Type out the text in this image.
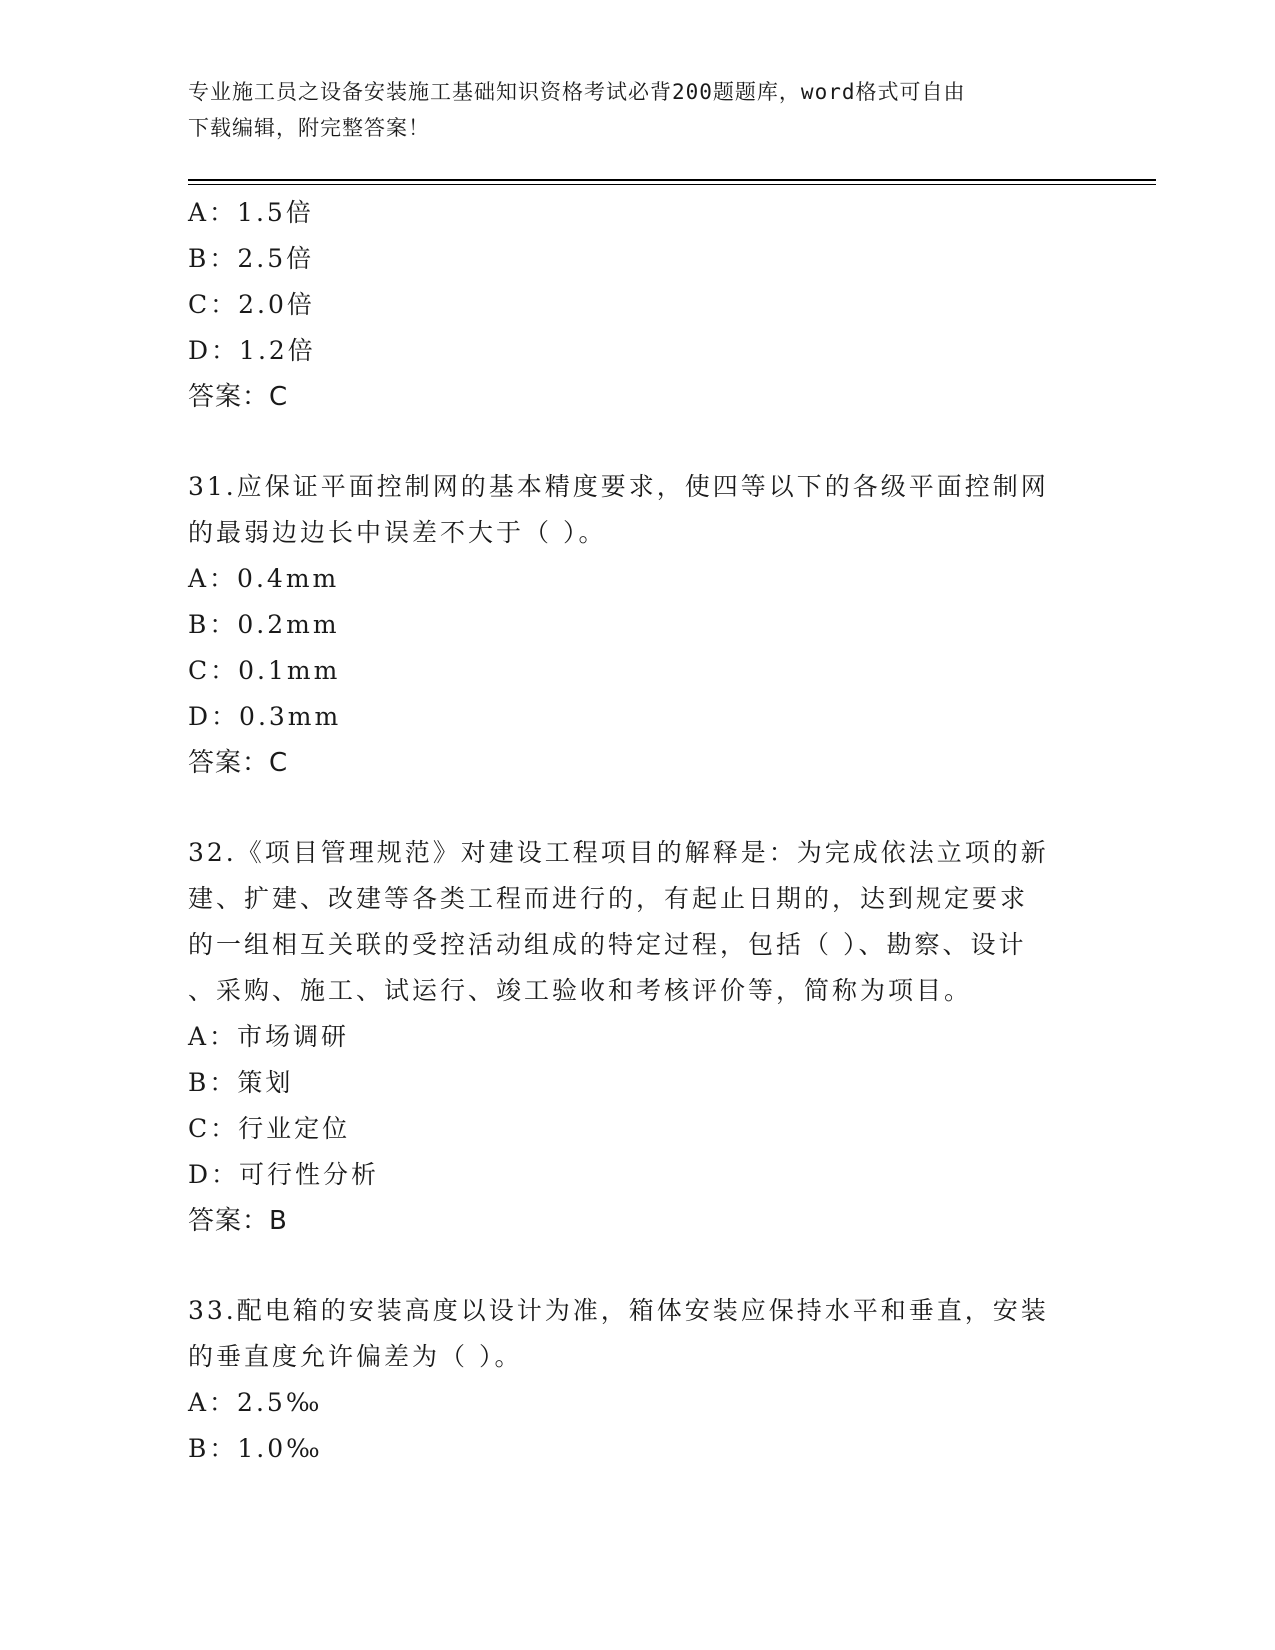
专业施工员之设备安装施工基础知识资格考试必背200题题库，word格式可自由
下载编辑，附完整答案！
A：1.5倍
B：2.5倍
C：2.0倍
D：1.2倍
答案：C
31.应保证平面控制网的基本精度要求，使四等以下的各级平面控制网
的最弱边边长中误差不大于（ ）。
A：0.4mm
B：0.2mm
C：0.1mm
D：0.3mm
答案：C
32.《项目管理规范》对建设工程项目的解释是：为完成依法立项的新
建、扩建、改建等各类工程而进行的，有起止日期的，达到规定要求
的一组相互关联的受控活动组成的特定过程，包括（ ）、勘察、设计
、采购、施工、试运行、竣工验收和考核评价等，简称为项目。
A：市场调研
B：策划
C：行业定位
D：可行性分析
答案：B
33.配电箱的安装高度以设计为准，箱体安装应保持水平和垂直，安装
的垂直度允许偏差为（ ）。
A：2.5‰
B：1.0‰
